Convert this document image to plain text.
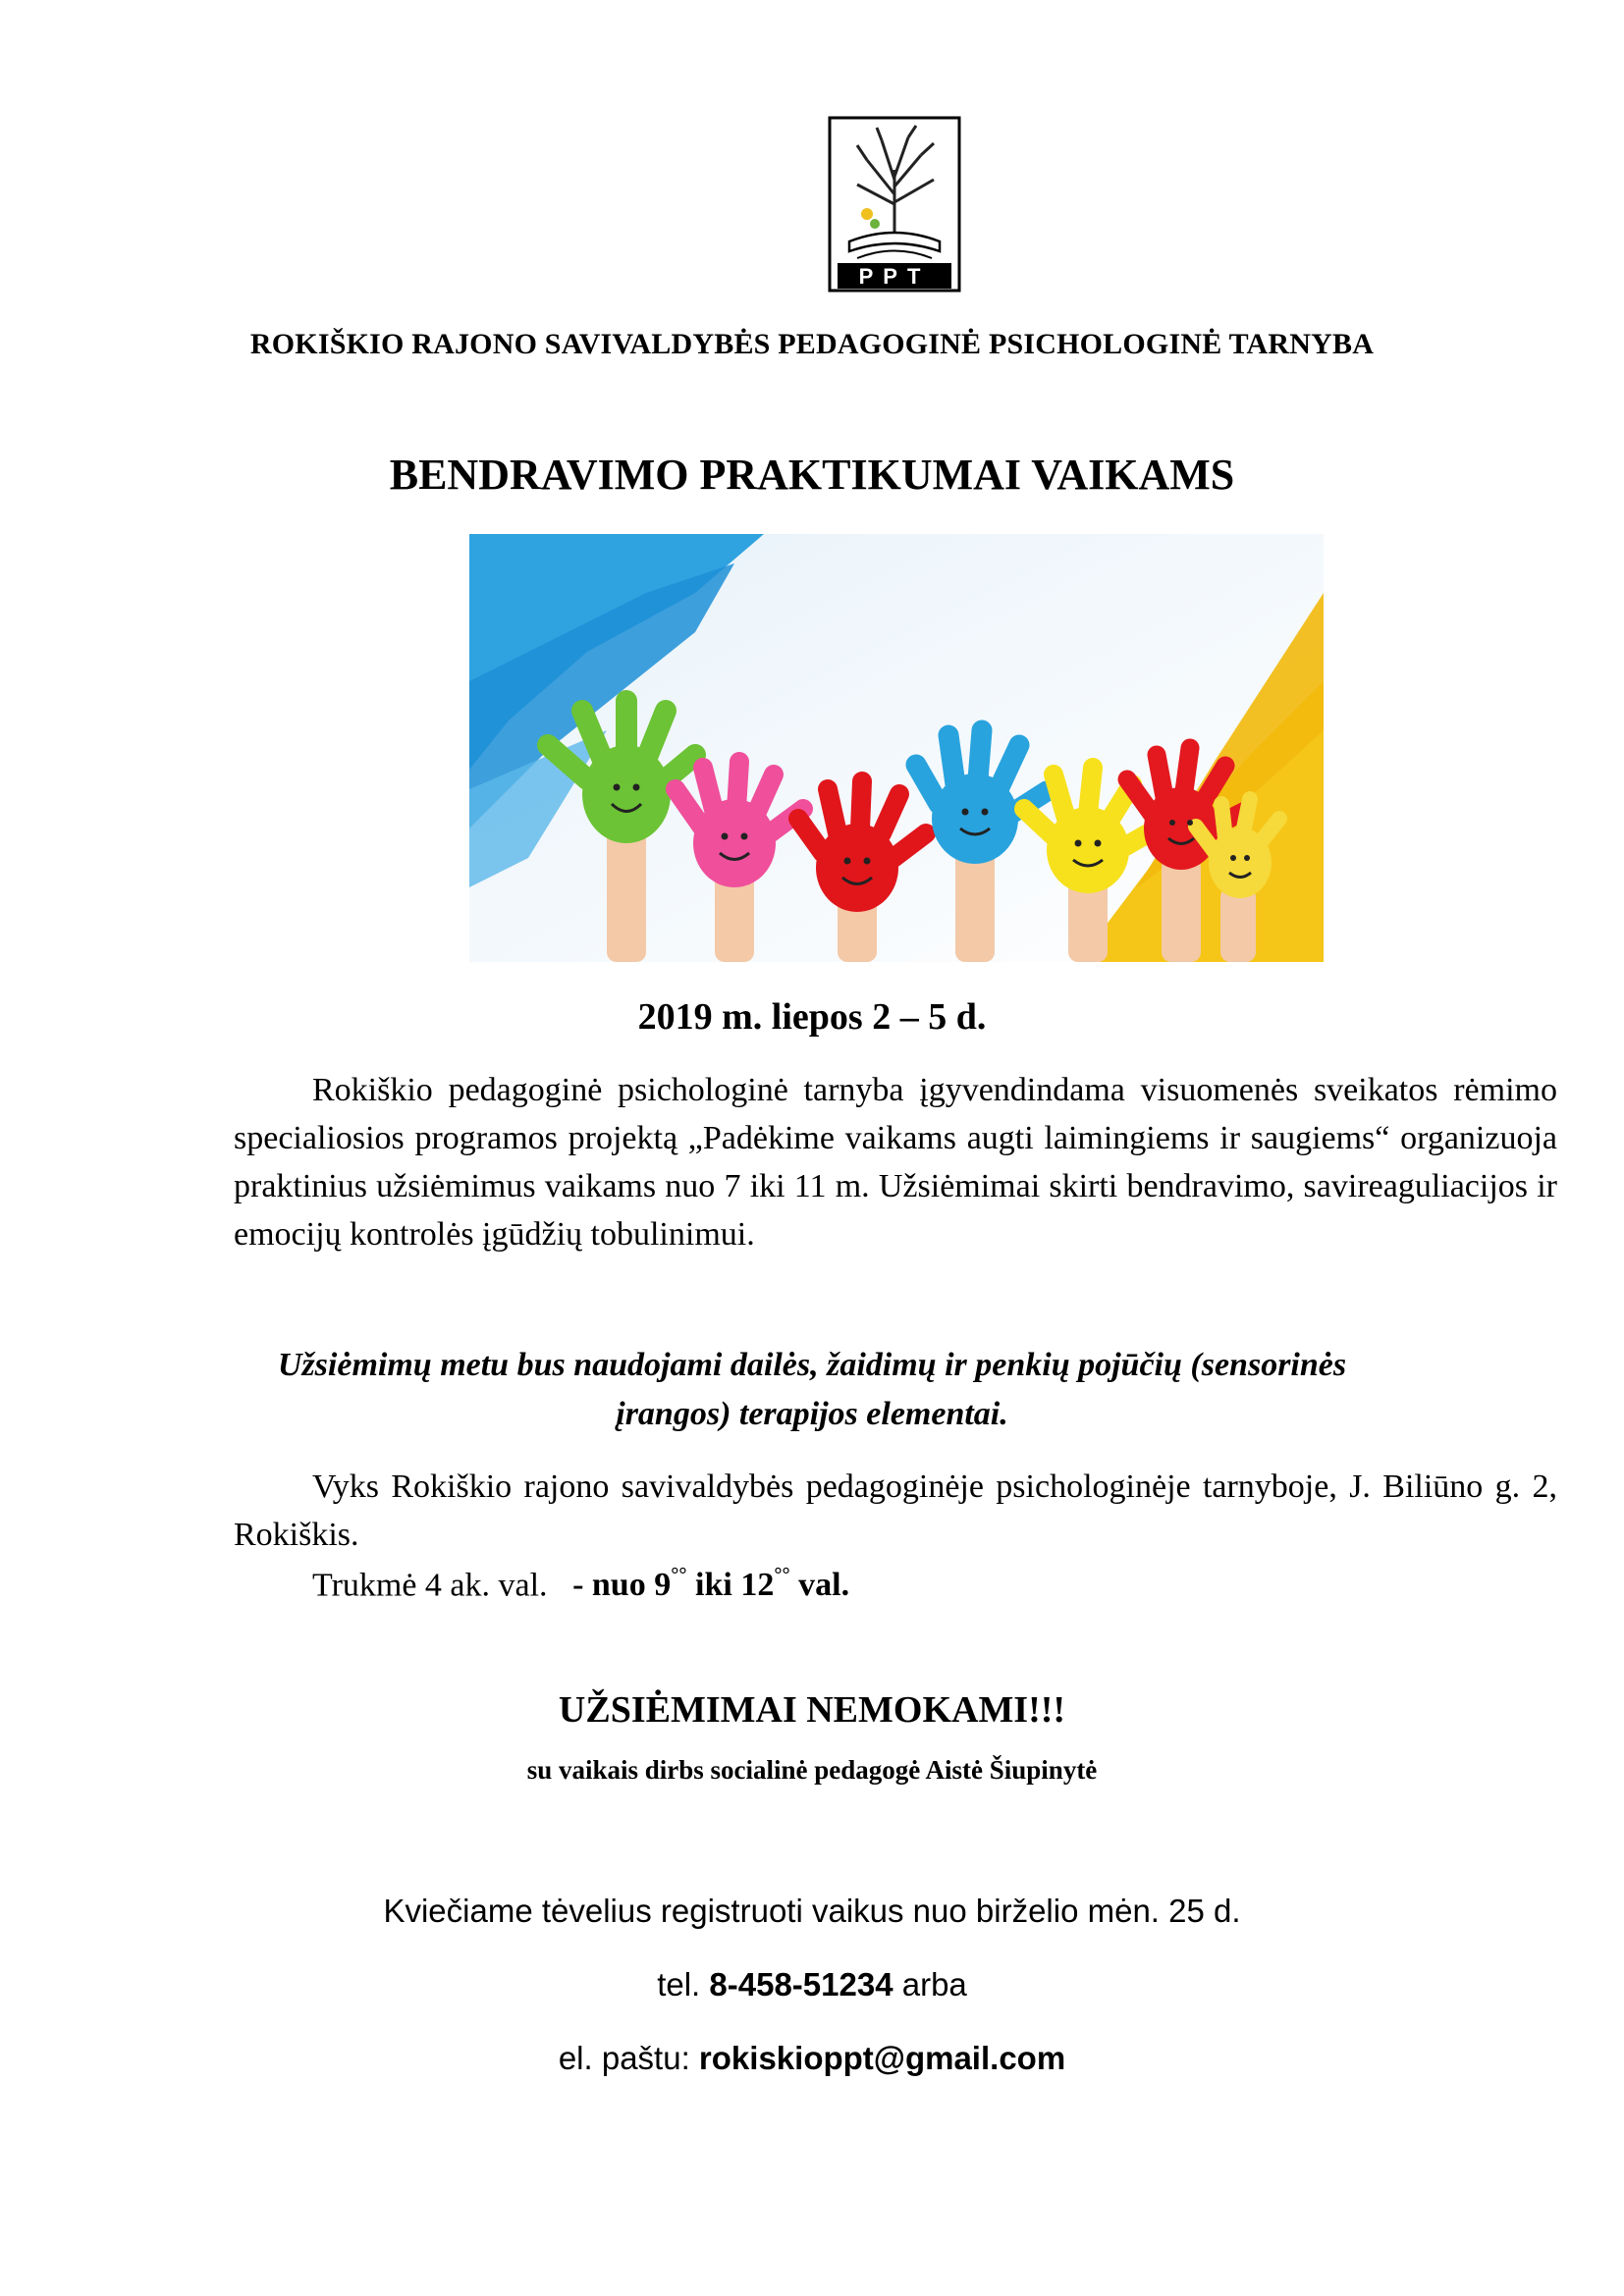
PPT
ROKIŠKIO RAJONO SAVIVALDYBĖS PEDAGOGINĖ PSICHOLOGINĖ TARNYBA
BENDRAVIMO PRAKTIKUMAI VAIKAMS
2019 m. liepos 2 – 5 d.
Rokiškio pedagoginė psichologinė tarnyba įgyvendindama visuomenės sveikatos rėmimo specialiosios programos projektą „Padėkime vaikams augti laimingiems ir saugiems“ organizuoja praktinius užsiėmimus vaikams nuo 7 iki 11 m. Užsiėmimai skirti bendravimo, savireaguliacijos ir emocijų kontrolės įgūdžių tobulinimui.
Užsiėmimų metu bus naudojami dailės, žaidimų ir penkių pojūčių (sensorinės įrangos) terapijos elementai.
Vyks Rokiškio rajono savivaldybės pedagoginėje psichologinėje tarnyboje, J. Biliūno g. 2, Rokiškis.
Trukmė 4 ak. val. - nuo 9°° iki 12°° val.
UŽSIĖMIMAI NEMOKAMI!!!
su vaikais dirbs socialinė pedagogė Aistė Šiupinytė
Kviečiame tėvelius registruoti vaikus nuo birželio mėn. 25 d.
tel. 8-458-51234 arba
el. paštu: rokiskioppt@gmail.com
